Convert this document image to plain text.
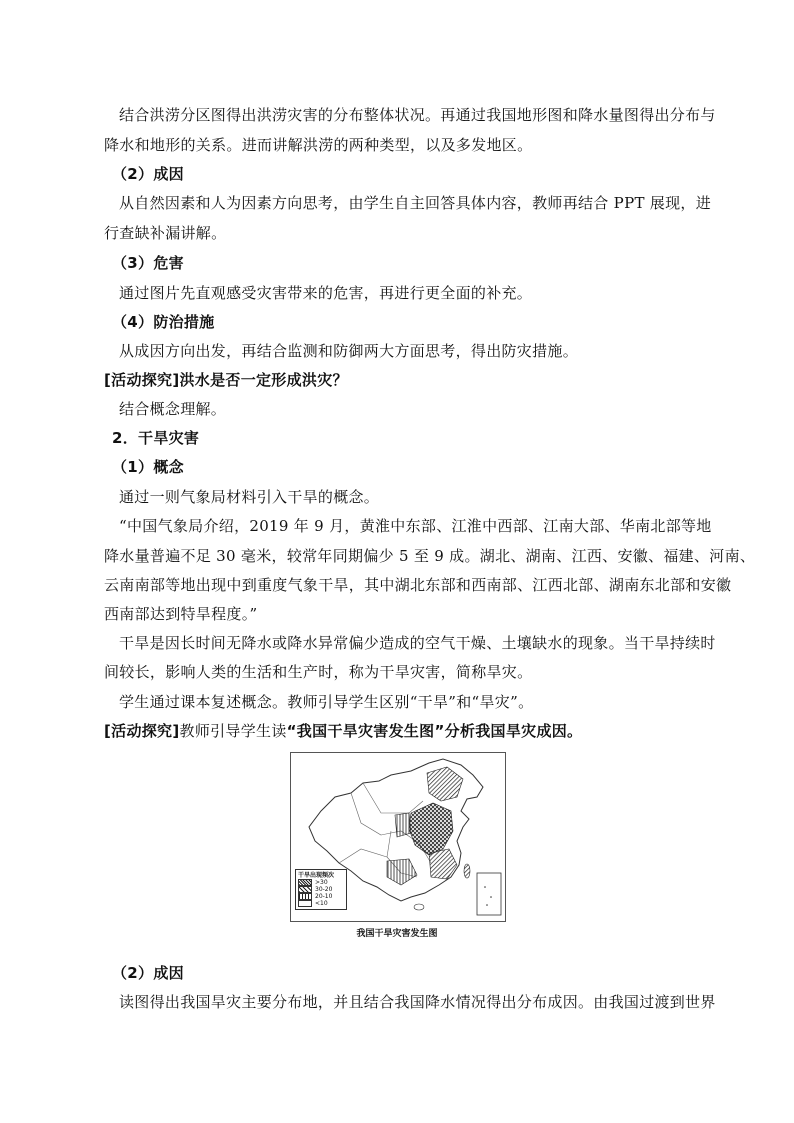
结合洪涝分区图得出洪涝灾害的分布整体状况。再通过我国地形图和降水量图得出分布与
降水和地形的关系。进而讲解洪涝的两种类型，以及多发地区。
（2）成因
从自然因素和人为因素方向思考，由学生自主回答具体内容，教师再结合 PPT 展现，进
行查缺补漏讲解。
（3）危害
通过图片先直观感受灾害带来的危害，再进行更全面的补充。
（4）防治措施
从成因方向出发，再结合监测和防御两大方面思考，得出防灾措施。
[活动探究]洪水是否一定形成洪灾？
结合概念理解。
2．干旱灾害
（1）概念
通过一则气象局材料引入干旱的概念。
“中国气象局介绍，2019 年 9 月，黄淮中东部、江淮中西部、江南大部、华南北部等地
降水量普遍不足 30 毫米，较常年同期偏少 5 至 9 成。湖北、湖南、江西、安徽、福建、河南、
云南南部等地出现中到重度气象干旱，其中湖北东部和西南部、江西北部、湖南东北部和安徽
西南部达到特旱程度。”
干旱是因长时间无降水或降水异常偏少造成的空气干燥、土壤缺水的现象。当干旱持续时
间较长，影响人类的生活和生产时，称为干旱灾害，简称旱灾。
学生通过课本复述概念。教师引导学生区别“干旱”和“旱灾”。
[活动探究]教师引导学生读“我国干旱灾害发生图”分析我国旱灾成因。
干旱出现频次
>30
30-20
20-10
<10
我国干旱灾害发生图
（2）成因
读图得出我国旱灾主要分布地，并且结合我国降水情况得出分布成因。由我国过渡到世界
